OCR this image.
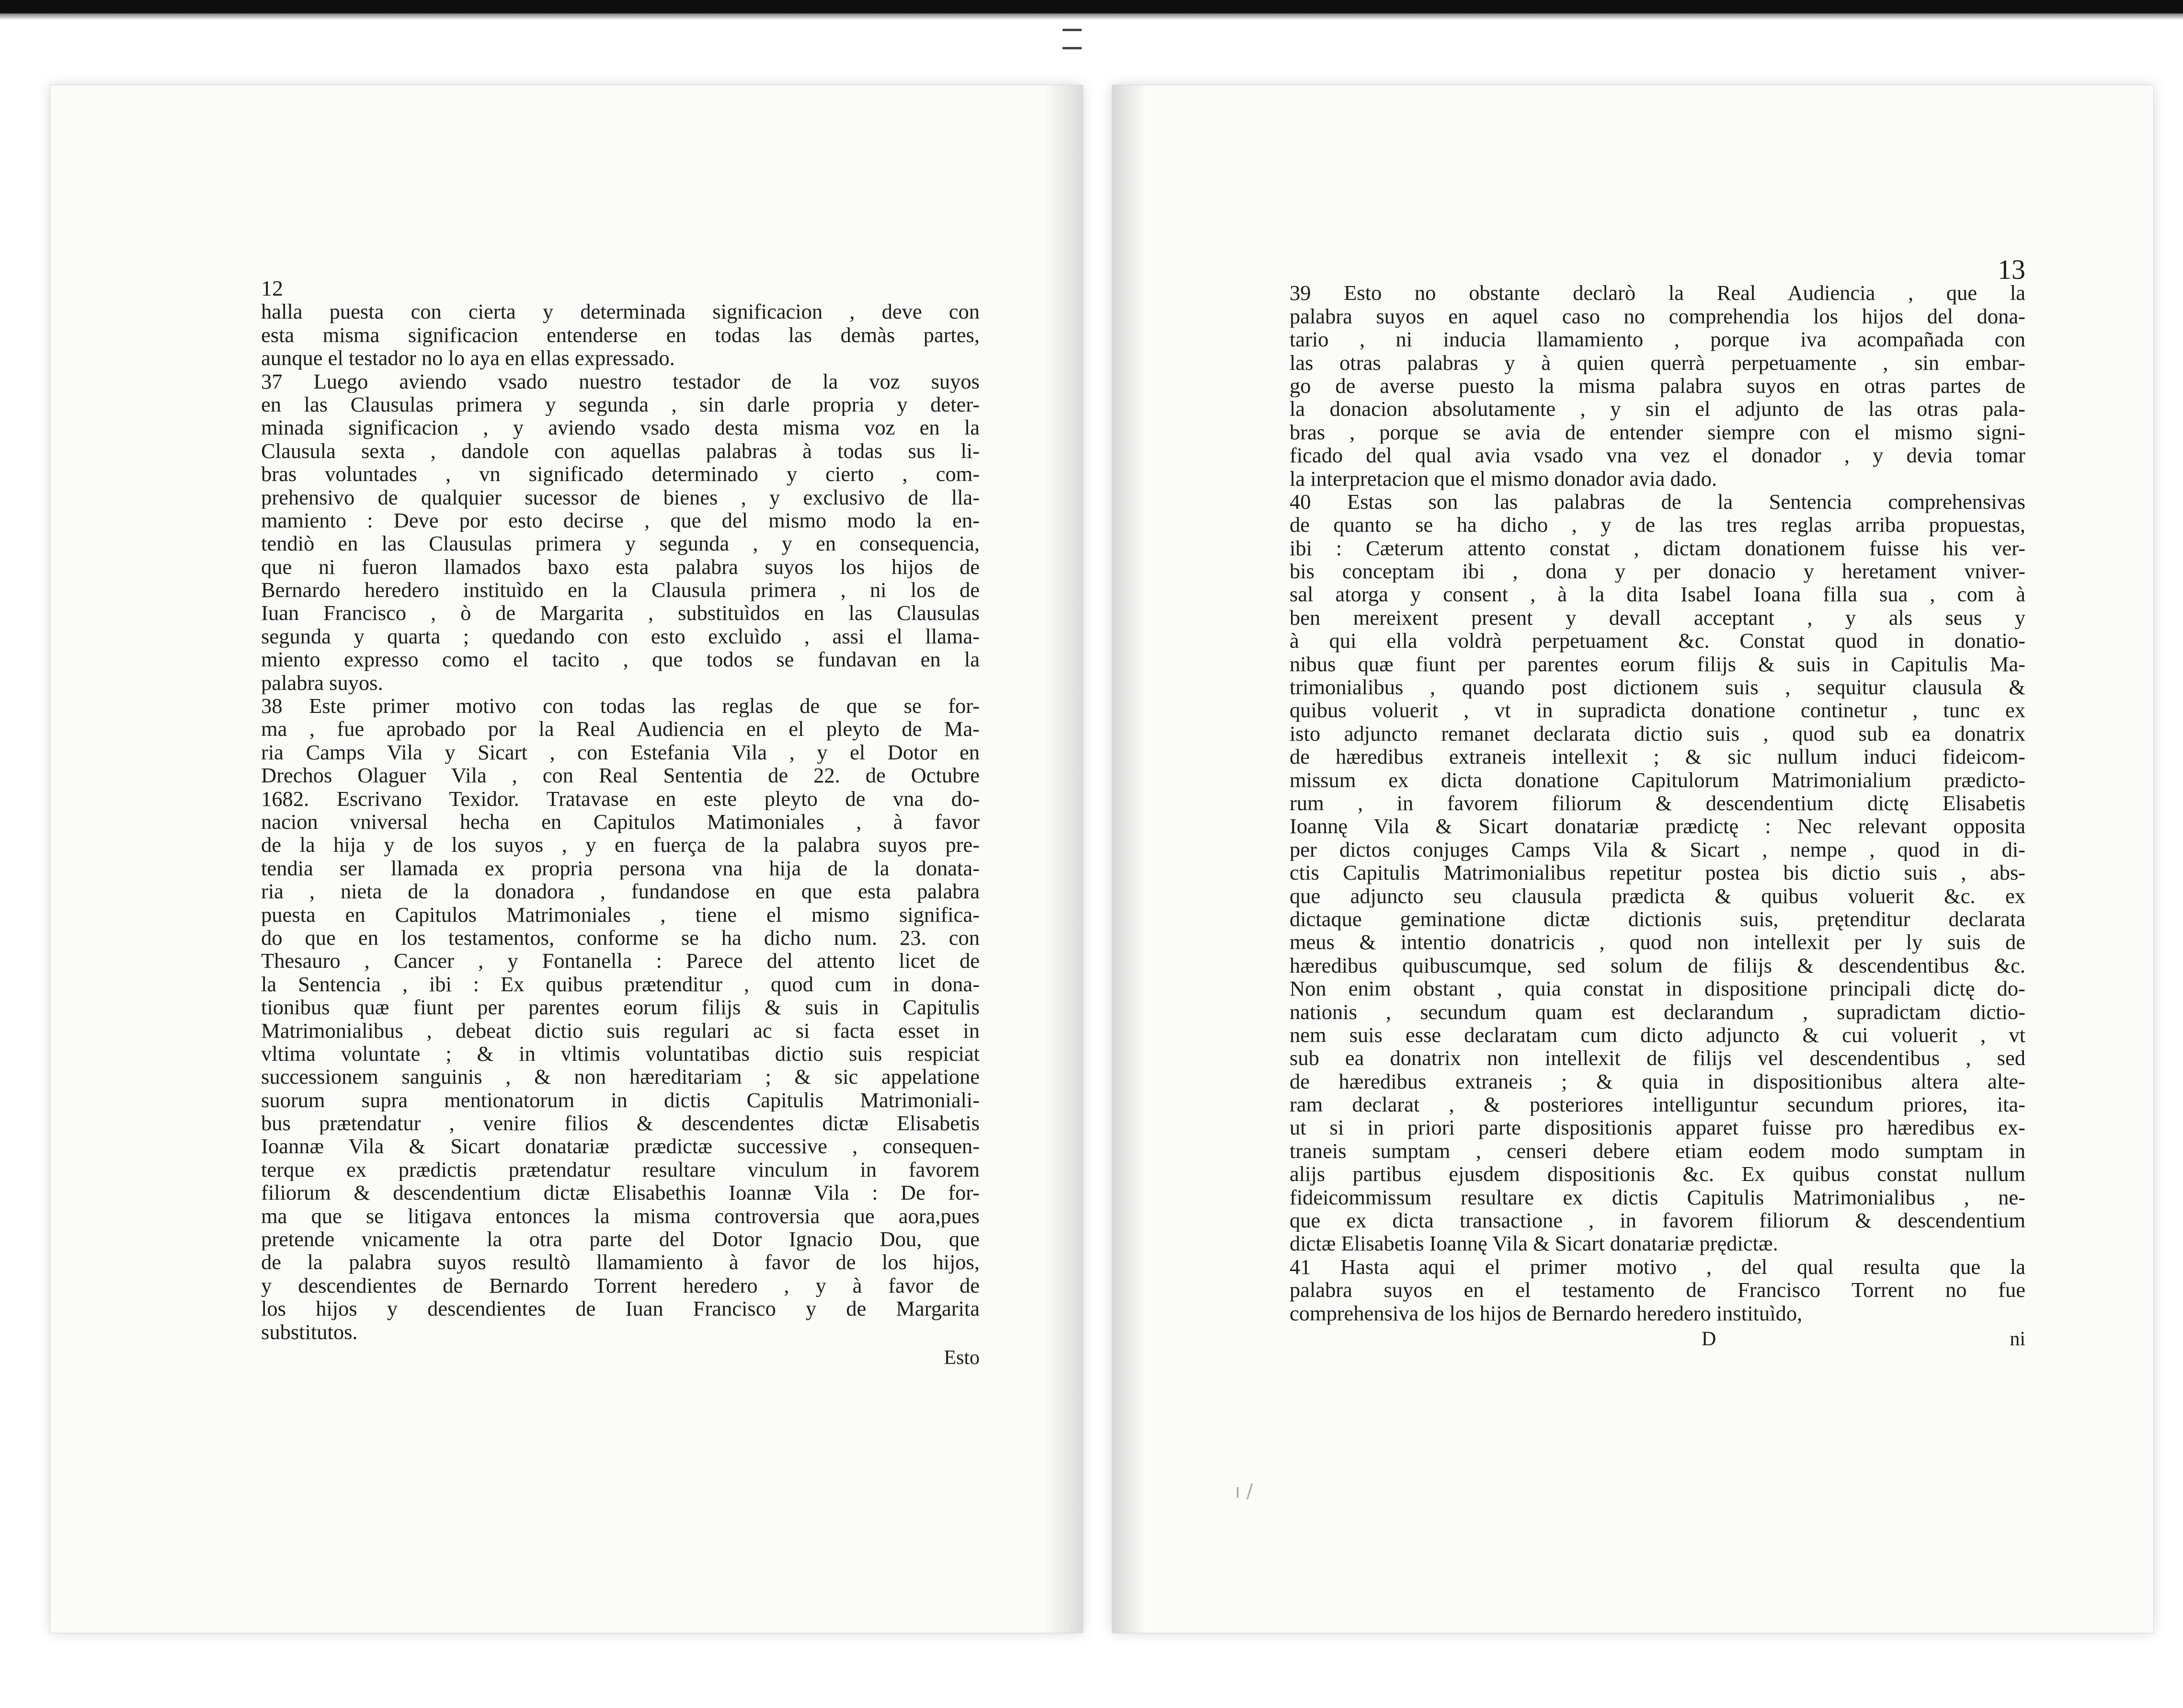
12
halla puesta con cierta y determinada significacion , deve con
esta misma significacion entenderse en todas las demàs partes,
aunque el testador no lo aya en ellas expressado.
37 Luego aviendo vsado nuestro testador de la voz suyos
en las Clausulas primera y segunda , sin darle propria y deter-
minada significacion , y aviendo vsado desta misma voz en la
Clausula sexta , dandole con aquellas palabras à todas sus li-
bras voluntades , vn significado determinado y cierto , com-
prehensivo de qualquier sucessor de bienes , y exclusivo de lla-
mamiento : Deve por esto decirse , que del mismo modo la en-
tendiò en las Clausulas primera y segunda , y en consequencia,
que ni fueron llamados baxo esta palabra suyos los hijos de
Bernardo heredero instituìdo en la Clausula primera , ni los de
Iuan Francisco , ò de Margarita , substituìdos en las Clausulas
segunda y quarta ; quedando con esto excluìdo , assi el llama-
miento expresso como el tacito , que todos se fundavan en la
palabra suyos.
38 Este primer motivo con todas las reglas de que se for-
ma , fue aprobado por la Real Audiencia en el pleyto de Ma-
ria Camps Vila y Sicart , con Estefania Vila , y el Dotor en
Drechos Olaguer Vila , con Real Sententia de 22. de Octubre
1682. Escrivano Texidor. Tratavase en este pleyto de vna do-
nacion vniversal hecha en Capitulos Matimoniales , à favor
de la hija y de los suyos , y en fuerça de la palabra suyos pre-
tendia ser llamada ex propria persona vna hija de la donata-
ria , nieta de la donadora , fundandose en que esta palabra
puesta en Capitulos Matrimoniales , tiene el mismo significa-
do que en los testamentos, conforme se ha dicho num. 23. con
Thesauro , Cancer , y Fontanella : Parece del attento licet de
la Sentencia , ibi : Ex quibus prætenditur , quod cum in dona-
tionibus quæ fiunt per parentes eorum filijs & suis in Capitulis
Matrimonialibus , debeat dictio suis regulari ac si facta esset in
vltima voluntate ; & in vltimis voluntatibas dictio suis respiciat
successionem sanguinis , & non hæreditariam ; & sic appelatione
suorum supra mentionatorum in dictis Capitulis Matrimoniali-
bus prætendatur , venire filios & descendentes dictæ Elisabetis
Ioannæ Vila & Sicart donatariæ prædictæ successive , consequen-
terque ex prædictis prætendatur resultare vinculum in favorem
filiorum & descendentium dictæ Elisabethis Ioannæ Vila : De for-
ma que se litigava entonces la misma controversia que aora,pues
pretende vnicamente la otra parte del Dotor Ignacio Dou, que
de la palabra suyos resultò llamamiento à favor de los hijos,
y descendientes de Bernardo Torrent heredero , y à favor de
los hijos y descendientes de Iuan Francisco y de Margarita
substitutos.
Esto
13
39 Esto no obstante declarò la Real Audiencia , que la
palabra suyos en aquel caso no comprehendia los hijos del dona-
tario , ni inducia llamamiento , porque iva acompañada con
las otras palabras y à quien querrà perpetuamente , sin embar-
go de averse puesto la misma palabra suyos en otras partes de
la donacion absolutamente , y sin el adjunto de las otras pala-
bras , porque se avia de entender siempre con el mismo signi-
ficado del qual avia vsado vna vez el donador , y devia tomar
la interpretacion que el mismo donador avia dado.
40 Estas son las palabras de la Sentencia comprehensivas
de quanto se ha dicho , y de las tres reglas arriba propuestas,
ibi : Cæterum attento constat , dictam donationem fuisse his ver-
bis conceptam ibi , dona y per donacio y heretament vniver-
sal atorga y consent , à la dita Isabel Ioana filla sua , com à
ben mereixent present y devall acceptant , y als seus y
à qui ella voldrà perpetuament &c. Constat quod in donatio-
nibus quæ fiunt per parentes eorum filijs & suis in Capitulis Ma-
trimonialibus , quando post dictionem suis , sequitur clausula &
quibus voluerit , vt in supradicta donatione continetur , tunc ex
isto adjuncto remanet declarata dictio suis , quod sub ea donatrix
de hæredibus extraneis intellexit ; & sic nullum induci fideicom-
missum ex dicta donatione Capitulorum Matrimonialium prædicto-
rum , in favorem filiorum & descendentium dictę Elisabetis
Ioannę Vila & Sicart donatariæ prædictę : Nec relevant opposita
per dictos conjuges Camps Vila & Sicart , nempe , quod in di-
ctis Capitulis Matrimonialibus repetitur postea bis dictio suis , abs-
que adjuncto seu clausula prædicta & quibus voluerit &c. ex
dictaque geminatione dictæ dictionis suis, prętenditur declarata
meus & intentio donatricis , quod non intellexit per ly suis de
hæredibus quibuscumque, sed solum de filijs & descendentibus &c.
Non enim obstant , quia constat in dispositione principali dictę do-
nationis , secundum quam est declarandum , supradictam dictio-
nem suis esse declaratam cum dicto adjuncto & cui voluerit , vt
sub ea donatrix non intellexit de filijs vel descendentibus , sed
de hæredibus extraneis ; & quia in dispositionibus altera alte-
ram declarat , & posteriores intelliguntur secundum priores, ita-
ut si in priori parte dispositionis apparet fuisse pro hæredibus ex-
traneis sumptam , censeri debere etiam eodem modo sumptam in
alijs partibus ejusdem dispositionis &c. Ex quibus constat nullum
fideicommissum resultare ex dictis Capitulis Matrimonialibus , ne-
que ex dicta transactione , in favorem filiorum & descendentium
dictæ Elisabetis Ioannę Vila & Sicart donatariæ prędictæ.
41 Hasta aqui el primer motivo , del qual resulta que la
palabra suyos en el testamento de Francisco Torrent no fue
comprehensiva de los hijos de Bernardo heredero instituìdo,
D	ni
ı /
